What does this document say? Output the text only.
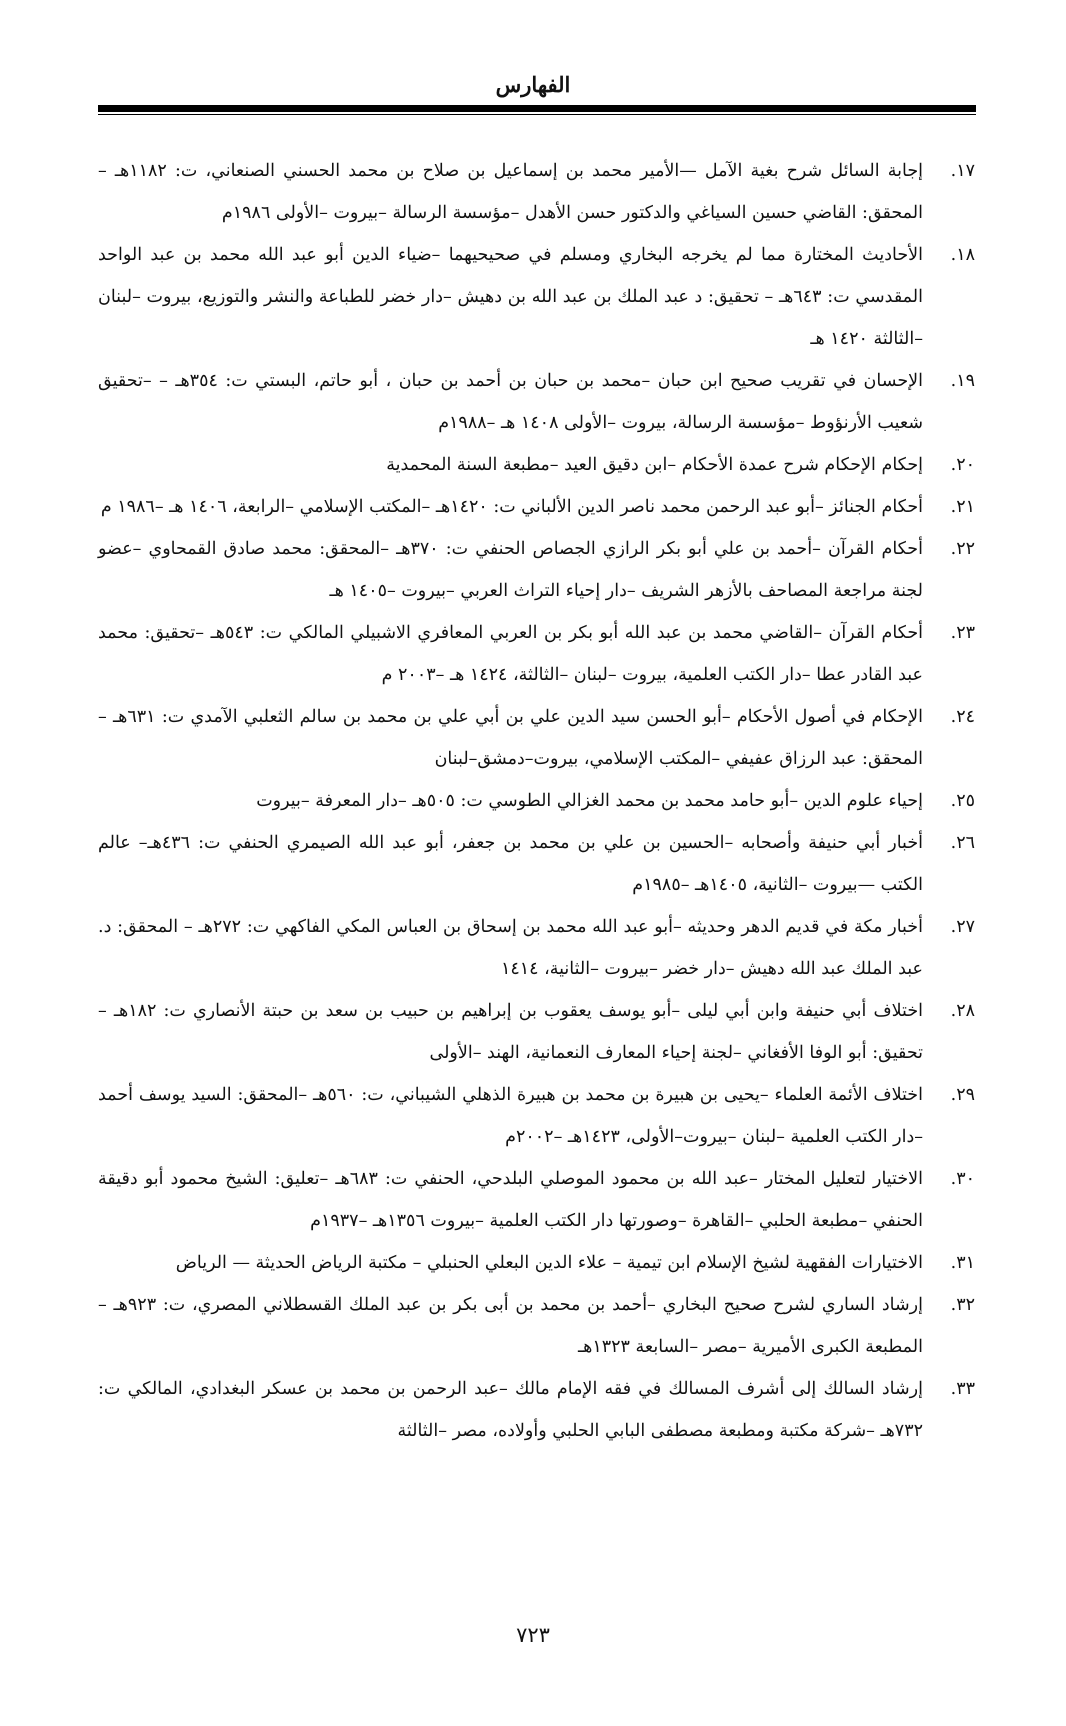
الفهارس
١٧.
إجابة السائل شرح بغية الآمل —الأمير محمد بن إسماعيل بن صلاح بن محمد الحسني الصنعاني، ت: ١١٨٢هـ –المحقق: القاضي حسين السياغي والدكتور حسن الأهدل –مؤسسة الرسالة –بيروت –الأولى ١٩٨٦م
١٨.
الأحاديث المختارة مما لم يخرجه البخاري ومسلم في صحيحيهما –ضياء الدين أبو عبد الله محمد بن عبد الواحد المقدسي ت: ٦٤٣هـ – تحقيق: د عبد الملك بن عبد الله بن دهيش –دار خضر للطباعة والنشر والتوزيع، بيروت –لبنان –الثالثة ١٤٢٠ هـ
١٩.
الإحسان في تقريب صحيح ابن حبان –محمد بن حبان بن أحمد بن حبان ، أبو حاتم، البستي ت: ٣٥٤هـ – –تحقيق شعيب الأرنؤوط –مؤسسة الرسالة، بيروت –الأولى ١٤٠٨ هـ –١٩٨٨م
٢٠.
إحكام الإحكام شرح عمدة الأحكام –ابن دقيق العيد –مطبعة السنة المحمدية
٢١.
أحكام الجنائز –أبو عبد الرحمن محمد ناصر الدين الألباني ت: ١٤٢٠هـ –المكتب الإسلامي –الرابعة، ١٤٠٦ هـ –١٩٨٦ م
٢٢.
أحكام القرآن –أحمد بن علي أبو بكر الرازي الجصاص الحنفي ت: ٣٧٠هـ –المحقق: محمد صادق القمحاوي –عضو لجنة مراجعة المصاحف بالأزهر الشريف –دار إحياء التراث العربي –بيروت –١٤٠٥ هـ
٢٣.
أحكام القرآن –القاضي محمد بن عبد الله أبو بكر بن العربي المعافري الاشبيلي المالكي ت: ٥٤٣هـ –تحقيق: محمد عبد القادر عطا –دار الكتب العلمية، بيروت –لبنان –الثالثة، ١٤٢٤ هـ –٢٠٠٣ م
٢٤.
الإحكام في أصول الأحكام –أبو الحسن سيد الدين علي بن أبي علي بن محمد بن سالم الثعلبي الآمدي ت: ٦٣١هـ –المحقق: عبد الرزاق عفيفي –المكتب الإسلامي، بيروت–دمشق–لبنان
٢٥.
إحياء علوم الدين –أبو حامد محمد بن محمد الغزالي الطوسي ت: ٥٠٥هـ –دار المعرفة –بيروت
٢٦.
أخبار أبي حنيفة وأصحابه –الحسين بن علي بن محمد بن جعفر، أبو عبد الله الصيمري الحنفي ت: ٤٣٦هـ– عالم الكتب —بيروت –الثانية، ١٤٠٥هـ –١٩٨٥م
٢٧.
أخبار مكة في قديم الدهر وحديثه –أبو عبد الله محمد بن إسحاق بن العباس المكي الفاكهي ت: ٢٧٢هـ – المحقق: د. عبد الملك عبد الله دهيش –دار خضر –بيروت –الثانية، ١٤١٤
٢٨.
اختلاف أبي حنيفة وابن أبي ليلى –أبو يوسف يعقوب بن إبراهيم بن حبيب بن سعد بن حبتة الأنصاري ت: ١٨٢هـ –تحقيق: أبو الوفا الأفغاني –لجنة إحياء المعارف النعمانية، الهند –الأولى
٢٩.
اختلاف الأئمة العلماء –يحيى بن هبيرة بن محمد بن هبيرة الذهلي الشيباني، ت: ٥٦٠هـ –المحقق: السيد يوسف أحمد –دار الكتب العلمية –لبنان –بيروت–الأولى، ١٤٢٣هـ –٢٠٠٢م
٣٠.
الاختيار لتعليل المختار –عبد الله بن محمود الموصلي البلدحي، الحنفي ت: ٦٨٣هـ –تعليق: الشيخ محمود أبو دقيقة الحنفي –مطبعة الحلبي –القاهرة –وصورتها دار الكتب العلمية –بيروت ١٣٥٦هـ –١٩٣٧م
٣١.
الاختيارات الفقهية لشيخ الإسلام ابن تيمية – علاء الدين البعلي الحنبلي – مكتبة الرياض الحديثة — الرياض
٣٢.
إرشاد الساري لشرح صحيح البخاري –أحمد بن محمد بن أبى بكر بن عبد الملك القسطلاني المصري، ت: ٩٢٣هـ –المطبعة الكبرى الأميرية –مصر –السابعة ١٣٢٣هـ
٣٣.
إرشاد السالك إلى أشرف المسالك في فقه الإمام مالك –عبد الرحمن بن محمد بن عسكر البغدادي، المالكي ت: ٧٣٢هـ –شركة مكتبة ومطبعة مصطفى البابي الحلبي وأولاده، مصر –الثالثة
٧٢٣
